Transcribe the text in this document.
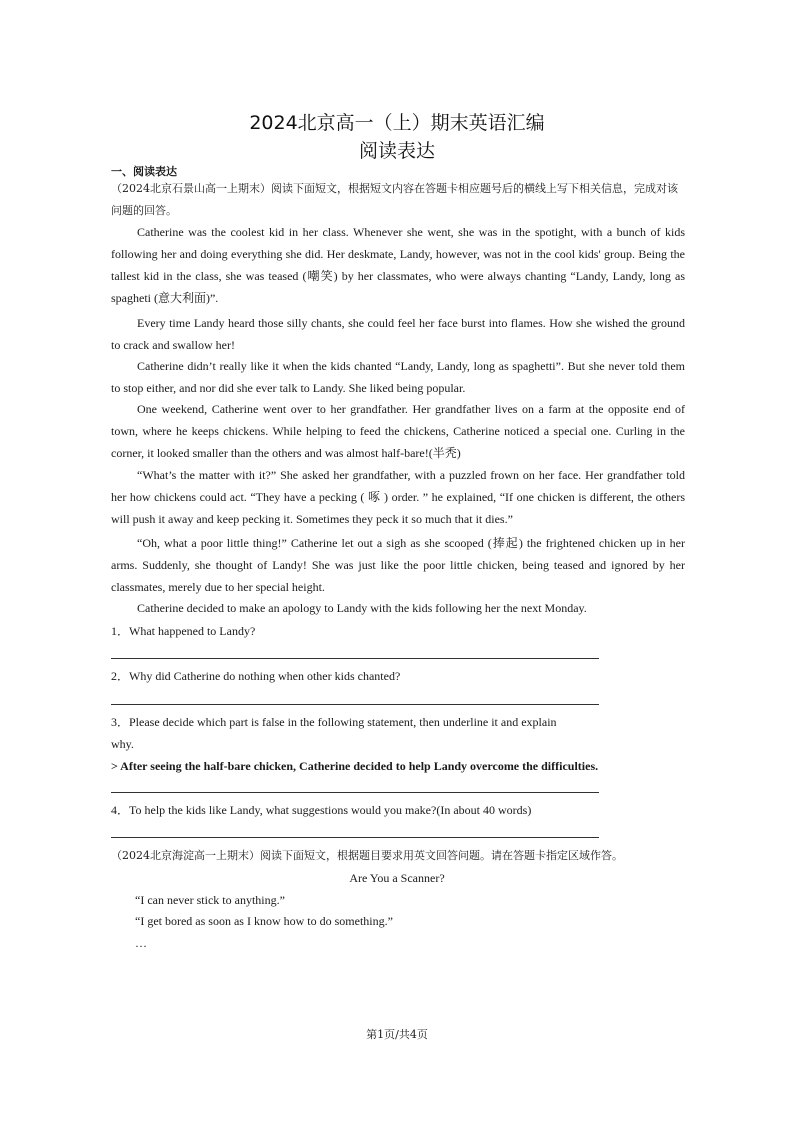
2024北京高一（上）期末英语汇编
阅读表达
一、阅读表达
（2024北京石景山高一上期末）阅读下面短文，根据短文内容在答题卡相应题号后的横线上写下相关信息，完成对该问题的回答。
Catherine was the coolest kid in her class. Whenever she went, she was in the spotight, with a bunch of kids following her and doing everything she did. Her deskmate, Landy, however, was not in the cool kids' group. Being the tallest kid in the class, she was teased (嘲笑) by her classmates, who were always chanting “Landy, Landy, long as spagheti (意大利面)”.
Every time Landy heard those silly chants, she could feel her face burst into flames. How she wished the ground to crack and swallow her!
Catherine didn’t really like it when the kids chanted “Landy, Landy, long as spaghetti”. But she never told them to stop either, and nor did she ever talk to Landy. She liked being popular.
One weekend, Catherine went over to her grandfather. Her grandfather lives on a farm at the opposite end of town, where he keeps chickens. While helping to feed the chickens, Catherine noticed a special one. Curling in the corner, it looked smaller than the others and was almost half-bare!(半秃)
“What’s the matter with it?” She asked her grandfather, with a puzzled frown on her face. Her grandfather told her how chickens could act. “They have a pecking ( 啄 ) order. ” he explained, “If one chicken is different, the others will push it away and keep pecking it. Sometimes they peck it so much that it dies.”
“Oh, what a poor little thing!” Catherine let out a sigh as she scooped (捧起) the frightened chicken up in her arms. Suddenly, she thought of Landy! She was just like the poor little chicken, being teased and ignored by her classmates, merely due to her special height.
Catherine decided to make an apology to Landy with the kids following her the next Monday.
1．What happened to Landy?
2．Why did Catherine do nothing when other kids chanted?
3．Please decide which part is false in the following statement, then underline it and explain
why.
> After seeing the half-bare chicken, Catherine decided to help Landy overcome the difficulties.
4．To help the kids like Landy, what suggestions would you make?(In about 40 words)
（2024北京海淀高一上期末）阅读下面短文，根据题目要求用英文回答问题。请在答题卡指定区域作答。
Are You a Scanner?
“I can never stick to anything.”
“I get bored as soon as I know how to do something.”
…
第1页/共4页
